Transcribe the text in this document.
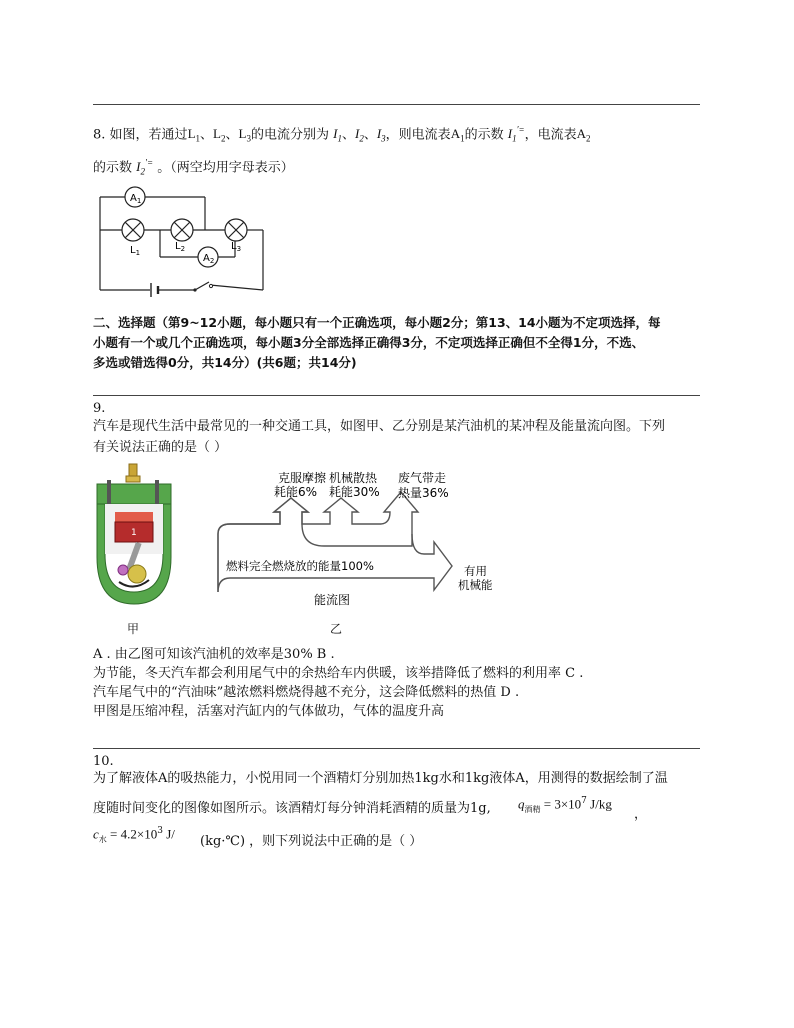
8. 如图，若通过$L_1$、$L_2$、$L_3$的电流分别为 $I_1$、$I_2$、$I_3$，则电流表$A_1$的示数 $I_1^{'=}$，电流表$A_2$
的示数 $I_2^{'=}$ 。（两空均用字母表示）
$A_1$
$L_1$
$L_2$	$L_3$
$A_2$
二、选择题（第9~12小题，每小题只有一个正确选项，每小题2分；第13、14小题为不定项选择，每
小题有一个或几个正确选项，每小题3分全部选择正确得3分，不定项选择正确但不全得1分，不选、
多选或错选得0分，共14分）(共6题；共14分)
9.
汽车是现代生活中最常见的一种交通工具，如图甲、乙分别是某汽油机的某冲程及能量流向图。下列
有关说法正确的是（ ）
1
甲
克服摩擦
耗能6%
机械散热
耗能30%
废气带走
热量36%
燃料完全燃烧放的能量100%	有用
机械能
能流图
乙
A . 由乙图可知该汽油机的效率是30% B .
为节能，冬天汽车都会利用尾气中的余热给车内供暖，该举措降低了燃料的利用率 C .
汽车尾气中的“汽油味”越浓燃料燃烧得越不充分，这会降低燃料的热值 D .
甲图是压缩冲程，活塞对汽缸内的气体做功，气体的温度升高
10.
为了解液体A的吸热能力，小悦用同一个酒精灯分别加热1kg水和1kg液体A，用测得的数据绘制了温
度随时间变化的图像如图所示。该酒精灯每分钟消耗酒精的质量为1g, $q_{酒精} = 3\times 10^7$ J/kg
，
$c_水 = 4.2\times 10^3$ J/
(kg·℃) ，则下列说法中正确的是（ ）
